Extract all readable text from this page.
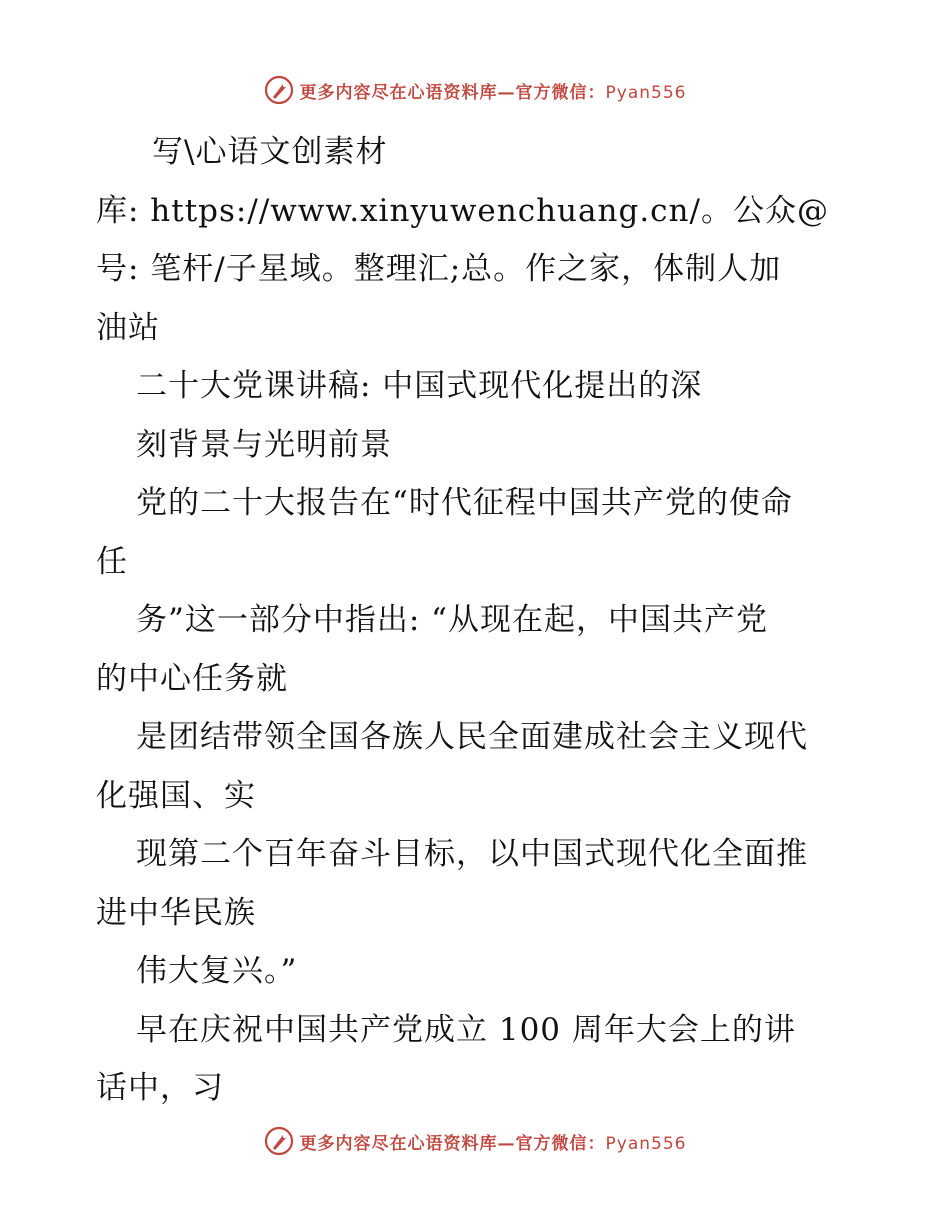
更多内容尽在心语资料库—官方微信：Pyan556
写\心语文创素材
库: https://www.xinyuwenchuang.cn/。公众@
号: 笔杆/子星域。整理汇;总。作之家，体制人加
油站
二十大党课讲稿: 中国式现代化提出的深
刻背景与光明前景
党的二十大报告在“时代征程中国共产党的使命
任
务”这一部分中指出: “从现在起，中国共产党
的中心任务就
是团结带领全国各族人民全面建成社会主义现代
化强国、实
现第二个百年奋斗目标，以中国式现代化全面推
进中华民族
伟大复兴。”
早在庆祝中国共产党成立 100 周年大会上的讲
话中，习
更多内容尽在心语资料库—官方微信：Pyan556
